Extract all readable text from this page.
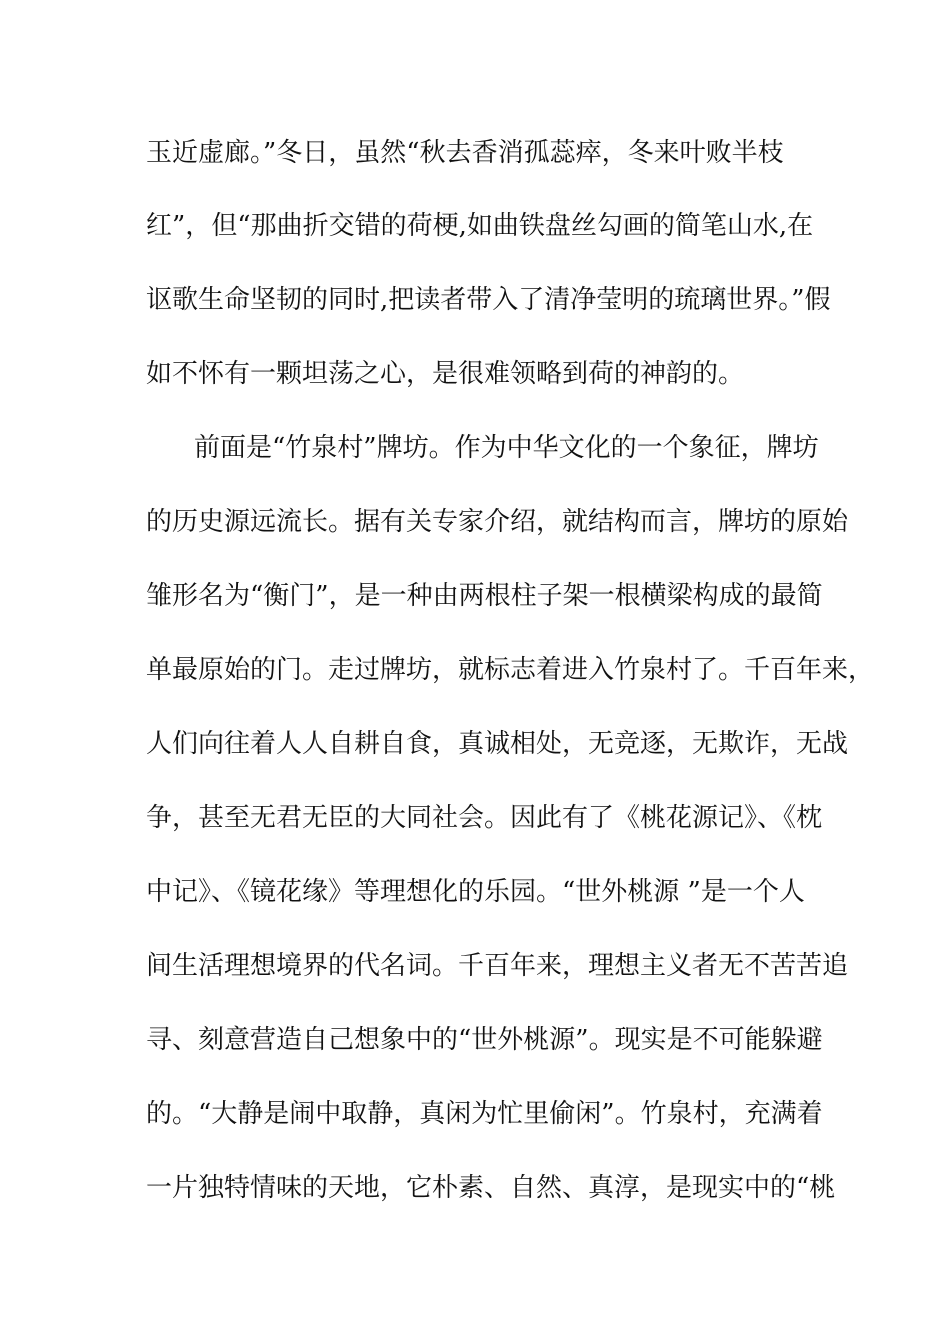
玉近虚廊。”冬日，虽然“秋去香消孤蕊瘁，冬来叶败半枝
红”，但“那曲折交错的荷梗,如曲铁盘丝勾画的简笔山水,在
讴歌生命坚韧的同时,把读者带入了清净莹明的琉璃世界。”假
如不怀有一颗坦荡之心，是很难领略到荷的神韵的。
前面是“竹泉村”牌坊。作为中华文化的一个象征，牌坊
的历史源远流长。据有关专家介绍，就结构而言，牌坊的原始
雏形名为“衡门”，是一种由两根柱子架一根横梁构成的最简
单最原始的门。走过牌坊，就标志着进入竹泉村了。千百年来，
人们向往着人人自耕自食，真诚相处，无竞逐，无欺诈，无战
争，甚至无君无臣的大同社会。因此有了《桃花源记》、《枕
中记》、《镜花缘》等理想化的乐园。“世外桃源 ”是一个人
间生活理想境界的代名词。千百年来，理想主义者无不苦苦追
寻、刻意营造自己想象中的“世外桃源”。现实是不可能躲避
的。“大静是闹中取静，真闲为忙里偷闲”。竹泉村，充满着
一片独特情味的天地，它朴素、自然、真淳，是现实中的“桃
